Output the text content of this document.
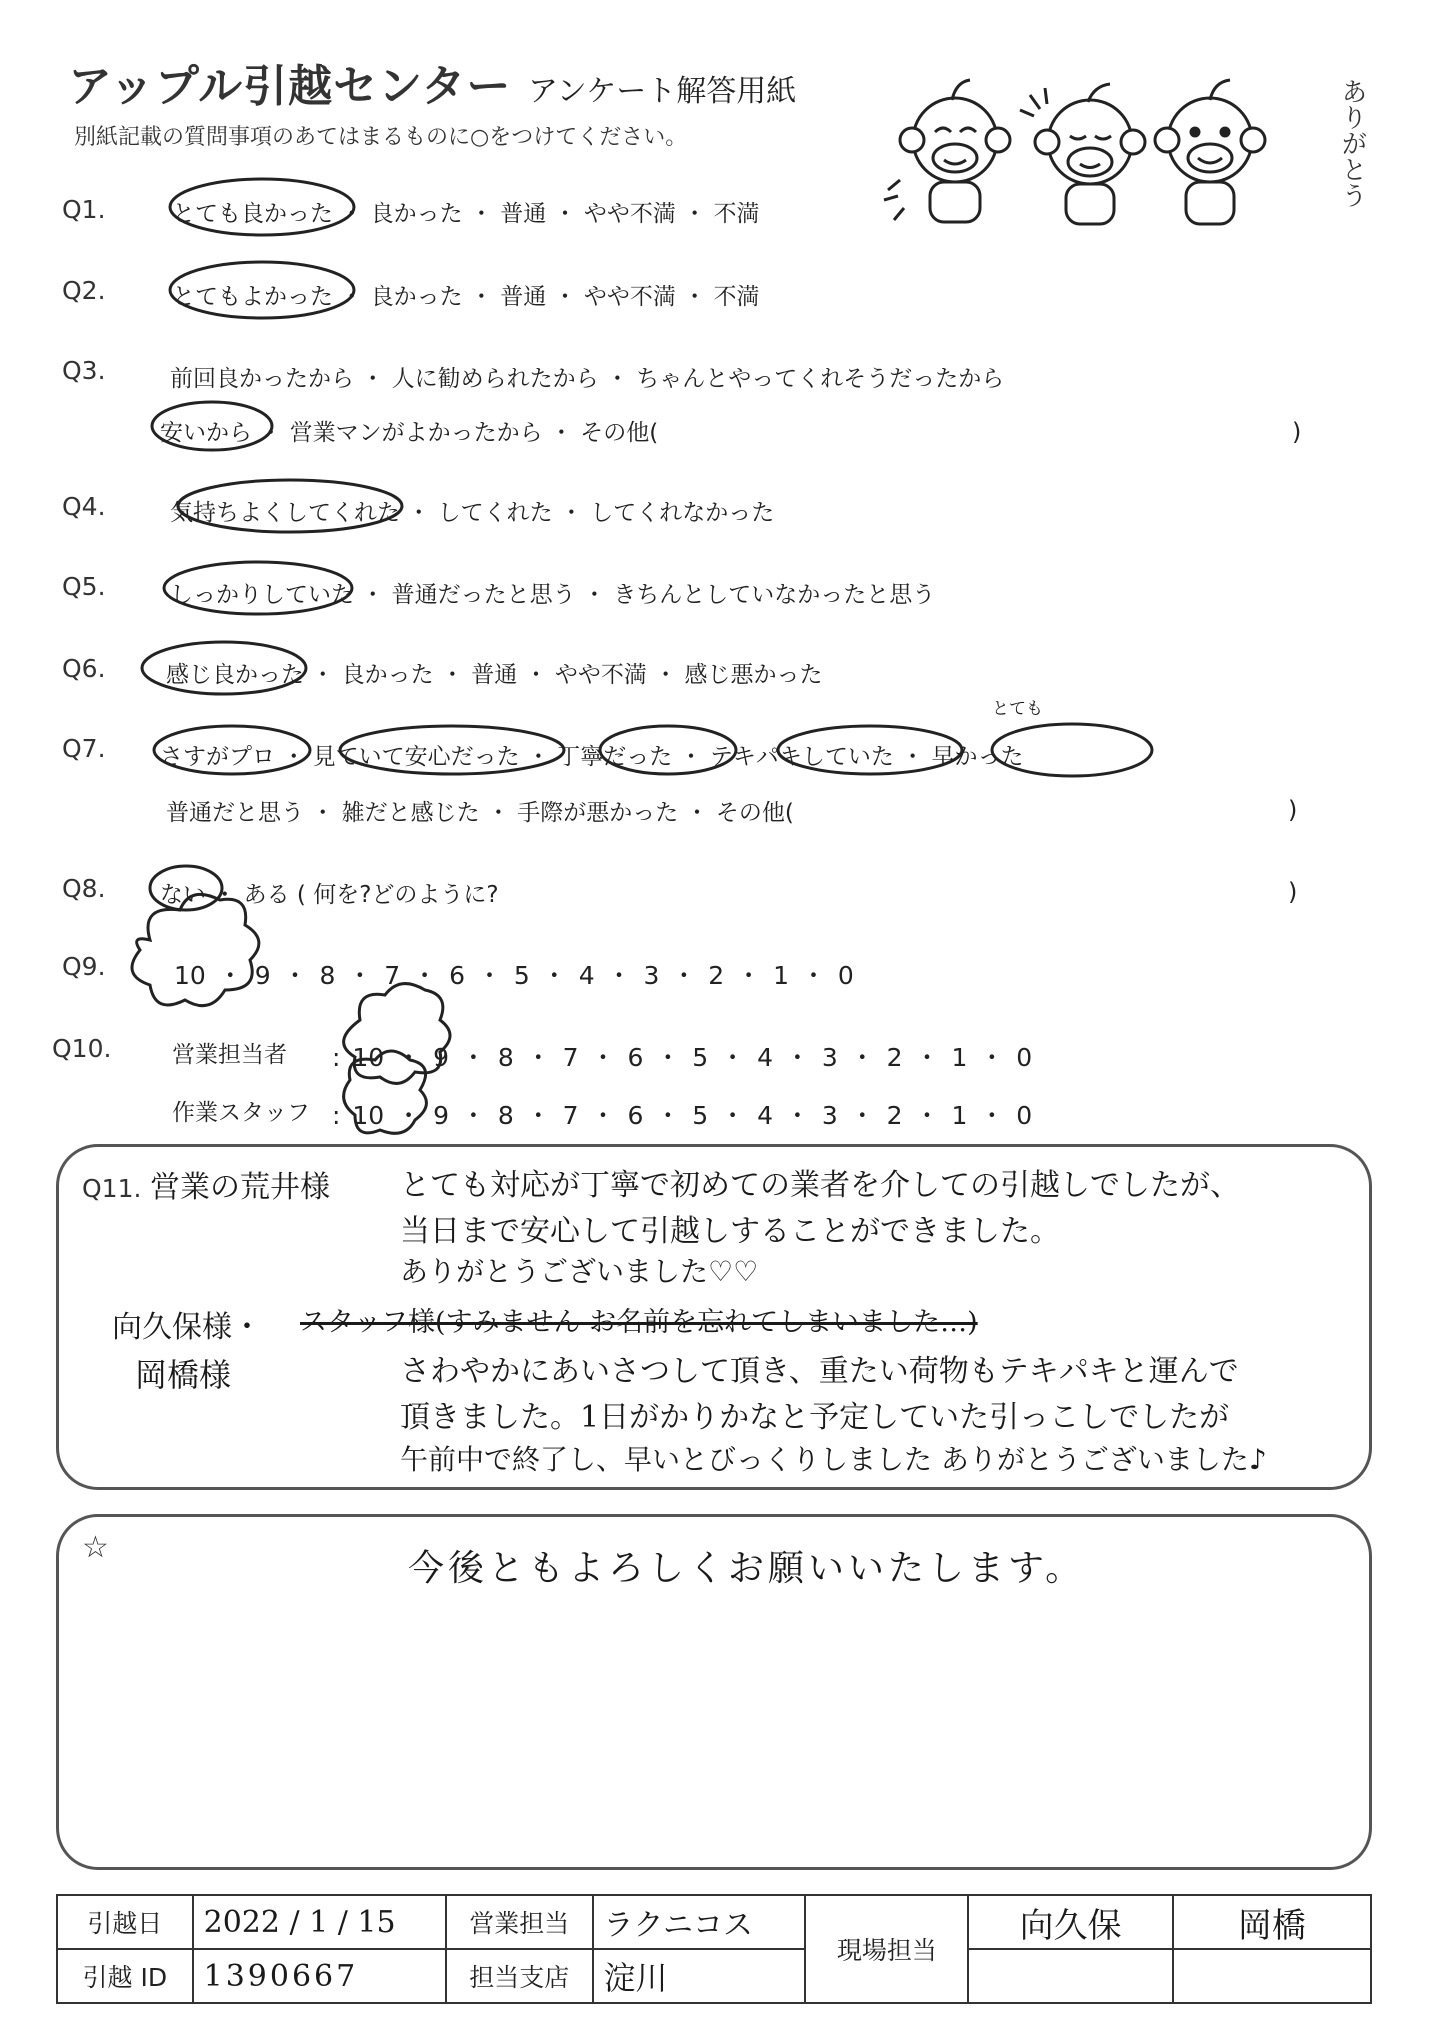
アップル引越センター アンケート解答用紙
別紙記載の質問事項のあてはまるものに○をつけてください。	ありがとう
Q1.	とても良かった ・ 良かった ・ 普通 ・ やや不満 ・ 不満
Q2.	とてもよかった ・ 良かった ・ 普通 ・ やや不満 ・ 不満
Q3.	前回良かったから ・ 人に勧められたから ・ ちゃんとやってくれそうだったから
安いから ・ 営業マンがよかったから ・ その他(	)
Q4.	気持ちよくしてくれた ・ してくれた ・ してくれなかった
Q5.	しっかりしていた ・ 普通だったと思う ・ きちんとしていなかったと思う
Q6.	感じ良かった ・ 良かった ・ 普通 ・ やや不満 ・ 感じ悪かった
Q7.
とても
さすがプロ ・ 見ていて安心だった ・ 丁寧だった ・ テキパキしていた ・ 早かった
普通だと思う ・ 雑だと感じた ・ 手際が悪かった ・ その他(	)
Q8. ない ・ ある ( 何を?どのように?	)
Q9.	10 ・ 9 ・ 8 ・ 7 ・ 6 ・ 5 ・ 4 ・ 3 ・ 2 ・ 1 ・ 0
Q10.	営業担当者 : 10 ・ 9 ・ 8 ・ 7 ・ 6 ・ 5 ・ 4 ・ 3 ・ 2 ・ 1 ・ 0
作業スタッフ : 10 ・ 9 ・ 8 ・ 7 ・ 6 ・ 5 ・ 4 ・ 3 ・ 2 ・ 1 ・ 0
Q11. 営業の荒井様 とても対応が丁寧で初めての業者を介しての引越しでしたが、
当日まで安心して引越しすることができました。
ありがとうございました♡♡
向久保様・ スタッフ様(すみません お名前を忘れてしまいました…)
岡橋様	さわやかにあいさつして頂き、重たい荷物もテキパキと運んで
頂きました。1日がかりかなと予定していた引っこしでしたが
午前中で終了し、早いとびっくりしました ありがとうございました♪
☆
今後ともよろしくお願いいたします。
引越日	2022 / 1 / 15	営業担当	ラクニコス	現場担当	向久保	岡橋
引越 ID	1390667	担当支店	淀川			
